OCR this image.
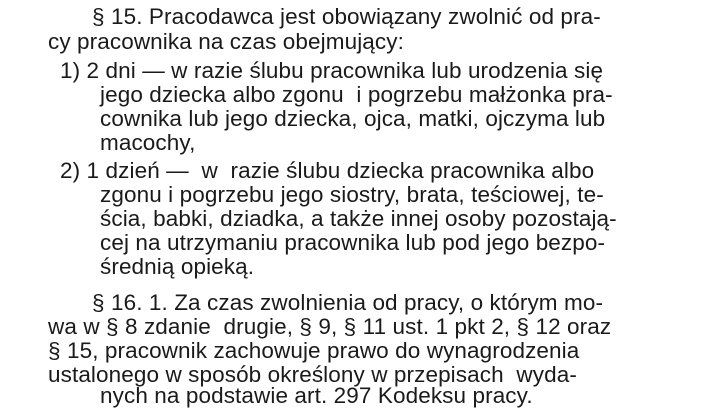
§ 15. Pracodawca jest obowiązany zwolnić od pra-
cy pracownika na czas obejmujący:
1) 2 dni — w razie ślubu pracownika lub urodzenia się
jego dziecka albo zgonu  i pogrzebu małżonka pra-
cownika lub jego dziecka, ojca, matki, ojczyma lub
macochy,
2) 1 dzień —  w  razie ślubu dziecka pracownika albo
zgonu i pogrzebu jego siostry, brata, teściowej, te-
ścia, babki, dziadka, a także innej osoby pozostają-
cej na utrzymaniu pracownika lub pod jego bezpo-
średnią opieką.
§ 16. 1. Za czas zwolnienia od pracy, o którym mo-
wa w § 8 zdanie  drugie, § 9, § 11 ust. 1 pkt 2, § 12 oraz
§ 15, pracownik zachowuje prawo do wynagrodzenia
ustalonego w sposób określony w przepisach  wyda-
nych na podstawie art. 297 Kodeksu pracy.
